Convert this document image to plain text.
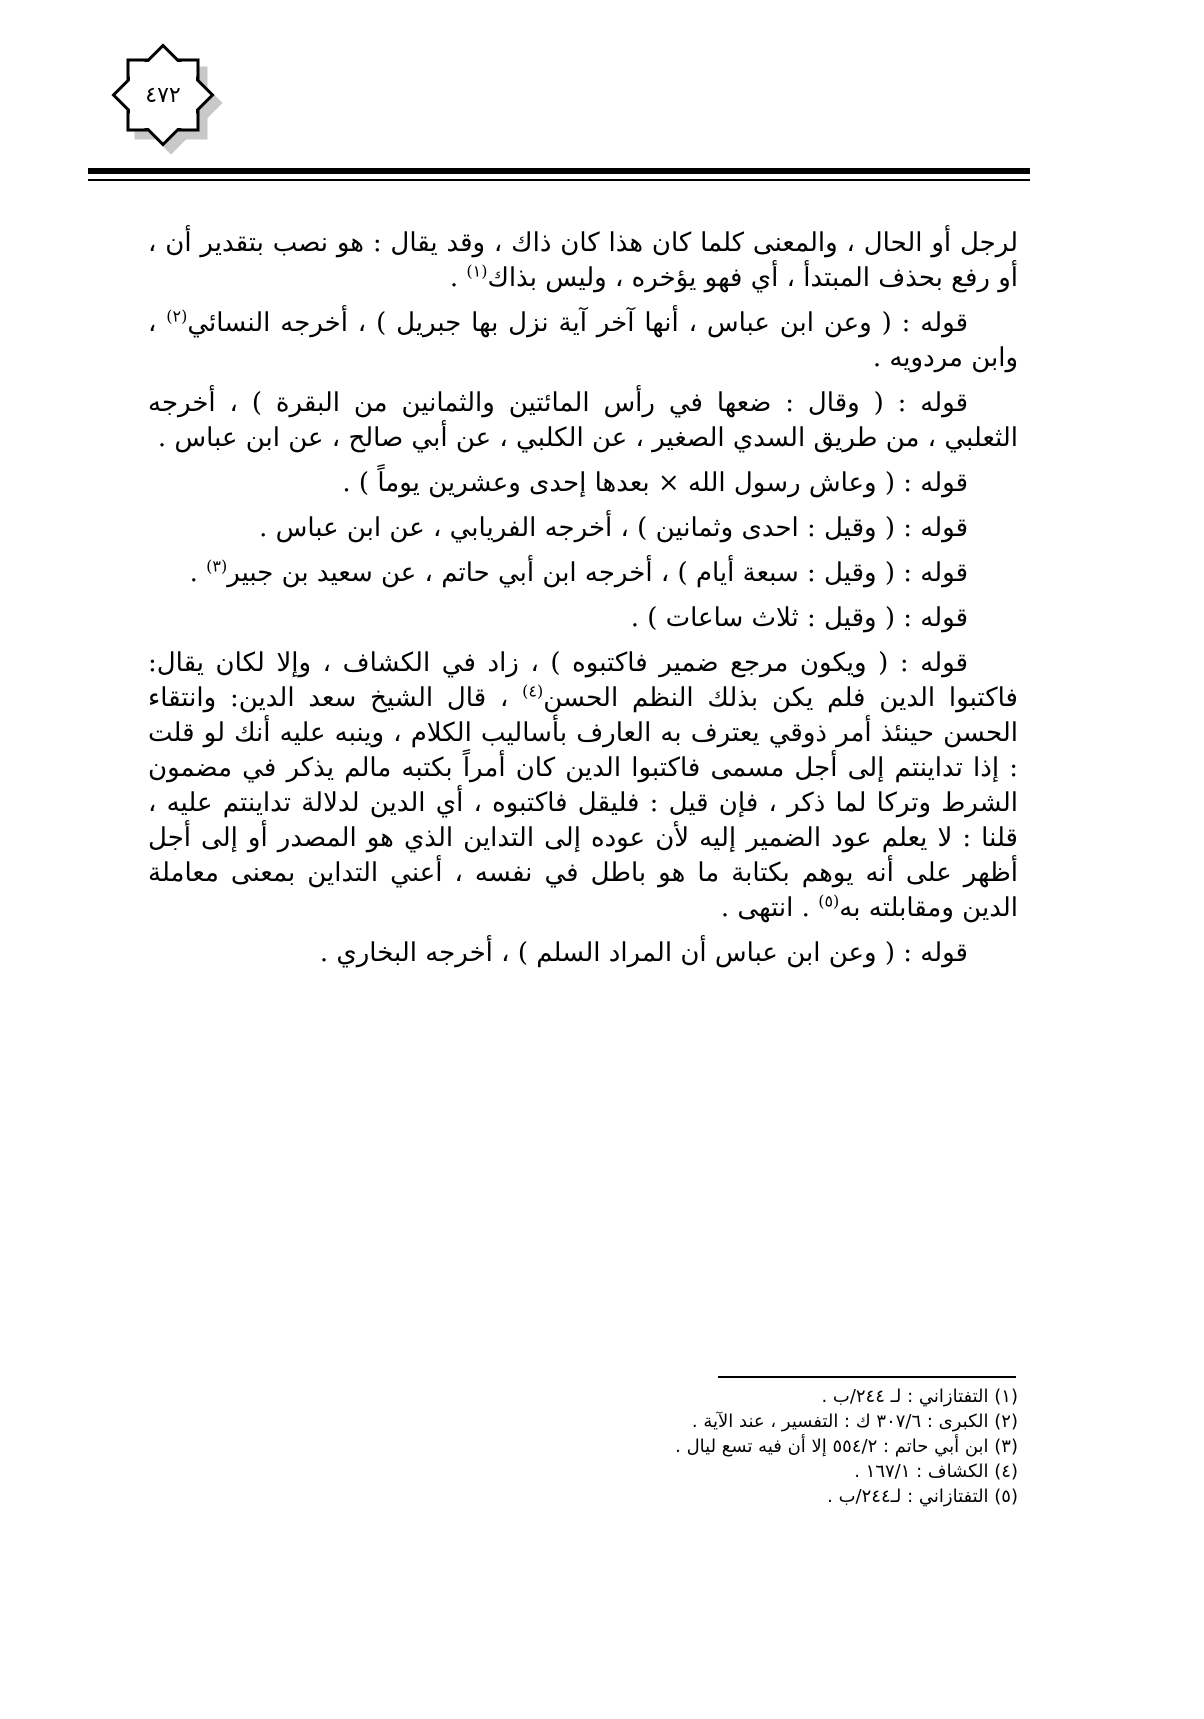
٤٧٢

لرجل أو الحال ، والمعنى كلما كان هذا كان ذاك ، وقد يقال : هو نصب بتقدير أن ، أو رفع بحذف المبتدأ ، أي فهو يؤخره ، وليس بذاك$^{(١)}$ .

قوله : ( وعن ابن عباس ، أنها آخر آية نزل بها جبريل ) ، أخرجه النسائي$^{(٢)}$ ، وابن مردويه .

قوله : ( وقال : ضعها في رأس المائتين والثمانين من البقرة ) ، أخرجه الثعلبي ، من طريق السدي الصغير ، عن الكلبي ، عن أبي صالح ، عن ابن عباس .

قوله : ( وعاش رسول الله × بعدها إحدى وعشرين يوماً ) .

قوله : ( وقيل : احدى وثمانين ) ، أخرجه الفريابي ، عن ابن عباس .

قوله : ( وقيل : سبعة أيام ) ، أخرجه ابن أبي حاتم ، عن سعيد بن جبير$^{(٣)}$ .

قوله : ( وقيل : ثلاث ساعات ) .

قوله : ( ويكون مرجع ضمير فاكتبوه ) ، زاد في الكشاف ، وإلا لكان يقال: فاكتبوا الدين فلم يكن بذلك النظم الحسن$^{(٤)}$ ، قال الشيخ سعد الدين: وانتقاء الحسن حينئذ أمر ذوقي يعترف به العارف بأساليب الكلام ، وينبه عليه أنك لو قلت : إذا تداينتم إلى أجل مسمى فاكتبوا الدين كان أمراً بكتبه مالم يذكر في مضمون الشرط وتركا لما ذكر ، فإن قيل : فليقل فاكتبوه ، أي الدين لدلالة تداينتم عليه ، قلنا : لا يعلم عود الضمير إليه لأن عوده إلى التداين الذي هو المصدر أو إلى أجل أظهر على أنه يوهم بكتابة ما هو باطل في نفسه ، أعني التداين بمعنى معاملة الدين ومقابلته به$^{(٥)}$ . انتهى .

قوله : ( وعن ابن عباس أن المراد السلم ) ، أخرجه البخاري .

(١) التفتازاني : لـ ٢٤٤/ب .
(٢) الكبرى : ٣٠٧/٦ ك : التفسير ، عند الآية .
(٣) ابن أبي حاتم : ٥٥٤/٢ إلا أن فيه تسع ليال .
(٤) الكشاف : ١٦٧/١ .
(٥) التفتازاني : لـ٢٤٤/ب .
